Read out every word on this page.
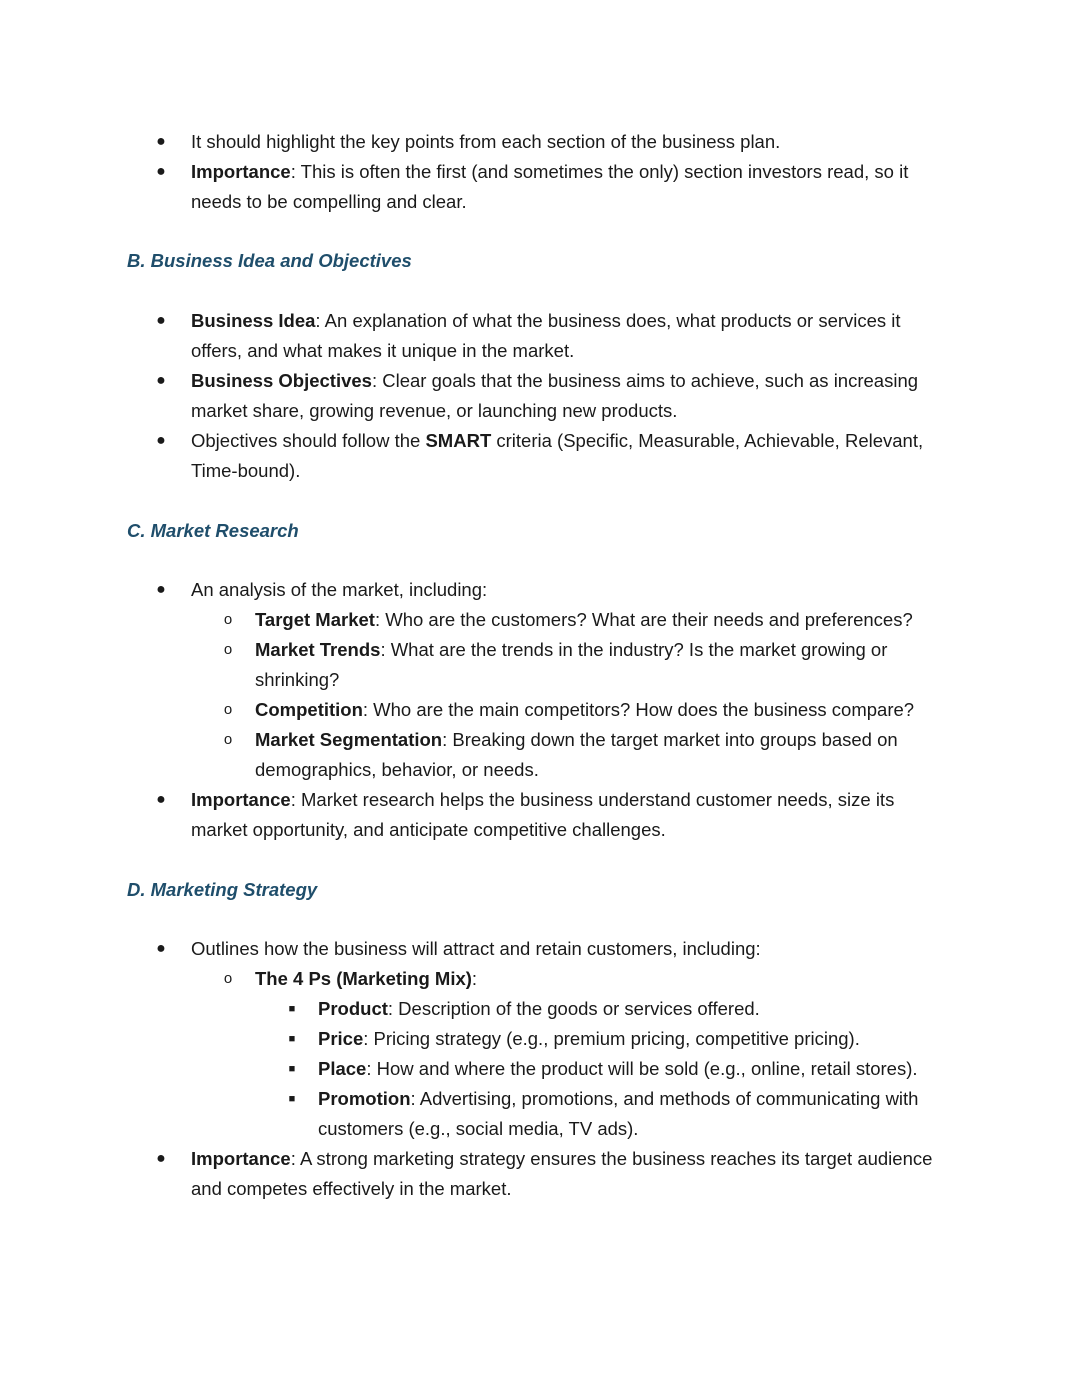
● It should highlight the key points from each section of the business plan.
● Importance: This is often the first (and sometimes the only) section investors read, so it needs to be compelling and clear.
B. Business Idea and Objectives
● Business Idea: An explanation of what the business does, what products or services it offers, and what makes it unique in the market.
● Business Objectives: Clear goals that the business aims to achieve, such as increasing market share, growing revenue, or launching new products.
● Objectives should follow the SMART criteria (Specific, Measurable, Achievable, Relevant, Time-bound).
C. Market Research
● An analysis of the market, including:
o Target Market: Who are the customers? What are their needs and preferences?
o Market Trends: What are the trends in the industry? Is the market growing or shrinking?
o Competition: Who are the main competitors? How does the business compare?
o Market Segmentation: Breaking down the target market into groups based on demographics, behavior, or needs.
● Importance: Market research helps the business understand customer needs, size its market opportunity, and anticipate competitive challenges.
D. Marketing Strategy
● Outlines how the business will attract and retain customers, including:
o The 4 Ps (Marketing Mix):
■ Product: Description of the goods or services offered.
■ Price: Pricing strategy (e.g., premium pricing, competitive pricing).
■ Place: How and where the product will be sold (e.g., online, retail stores).
■ Promotion: Advertising, promotions, and methods of communicating with customers (e.g., social media, TV ads).
● Importance: A strong marketing strategy ensures the business reaches its target audience and competes effectively in the market.
